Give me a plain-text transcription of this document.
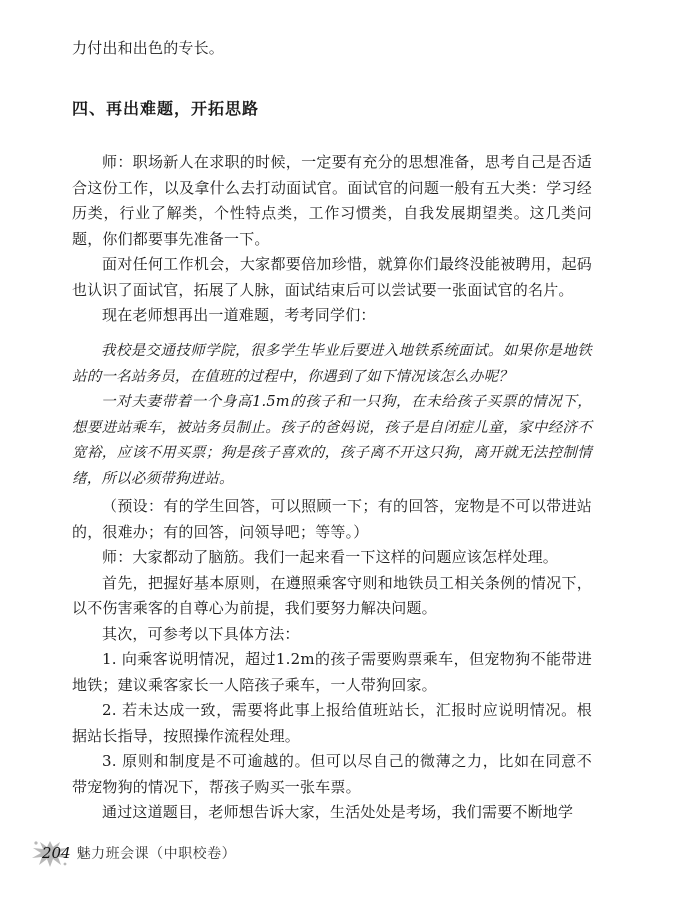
力付出和出色的专长。

四、再出难题，开拓思路

师：职场新人在求职的时候，一定要有充分的思想准备，思考自己是否适合这份工作，以及拿什么去打动面试官。面试官的问题一般有五大类：学习经历类，行业了解类，个性特点类，工作习惯类，自我发展期望类。这几类问题，你们都要事先准备一下。

面对任何工作机会，大家都要倍加珍惜，就算你们最终没能被聘用，起码也认识了面试官，拓展了人脉，面试结束后可以尝试要一张面试官的名片。

现在老师想再出一道难题，考考同学们：

我校是交通技师学院，很多学生毕业后要进入地铁系统面试。如果你是地铁站的一名站务员，在值班的过程中，你遇到了如下情况该怎么办呢？

一对夫妻带着一个身高1.5m的孩子和一只狗，在未给孩子买票的情况下，想要进站乘车，被站务员制止。孩子的爸妈说，孩子是自闭症儿童，家中经济不宽裕，应该不用买票；狗是孩子喜欢的，孩子离不开这只狗，离开就无法控制情绪，所以必须带狗进站。

（预设：有的学生回答，可以照顾一下；有的回答，宠物是不可以带进站的，很难办；有的回答，问领导吧；等等。）

师：大家都动了脑筋。我们一起来看一下这样的问题应该怎样处理。

首先，把握好基本原则，在遵照乘客守则和地铁员工相关条例的情况下，以不伤害乘客的自尊心为前提，我们要努力解决问题。

其次，可参考以下具体方法：

1. 向乘客说明情况，超过1.2m的孩子需要购票乘车，但宠物狗不能带进地铁；建议乘客家长一人陪孩子乘车，一人带狗回家。

2. 若未达成一致，需要将此事上报给值班站长，汇报时应说明情况。根据站长指导，按照操作流程处理。

3. 原则和制度是不可逾越的。但可以尽自己的微薄之力，比如在同意不带宠物狗的情况下，帮孩子购买一张车票。

通过这道题目，老师想告诉大家，生活处处是考场，我们需要不断地学

204 魅力班会课（中职校卷）
